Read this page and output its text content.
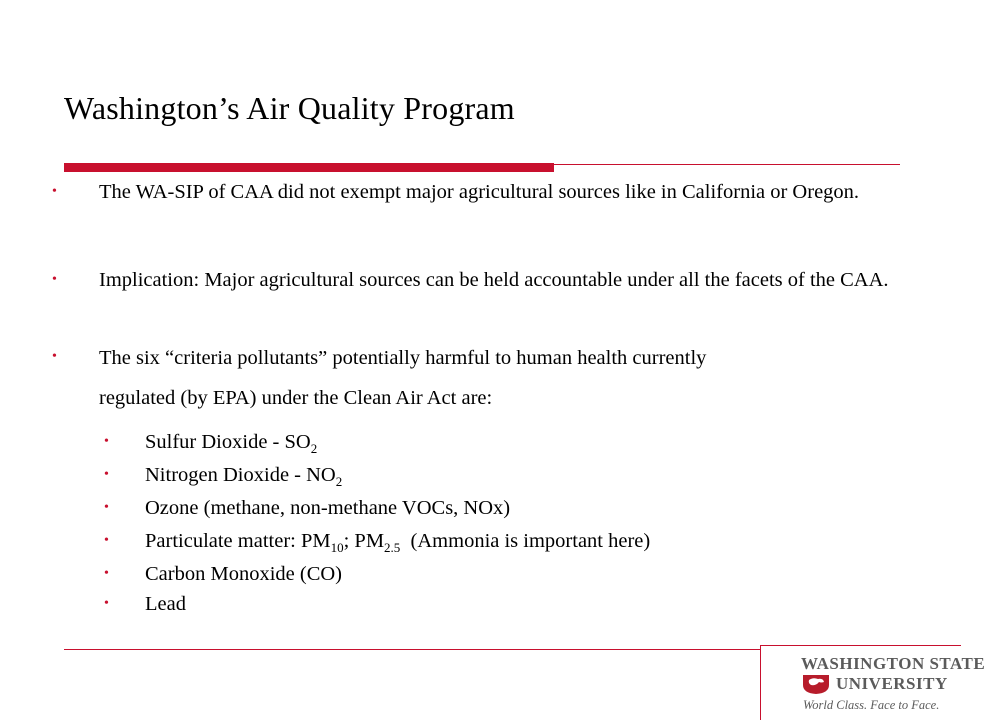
Washington’s Air Quality Program
• The WA-SIP of CAA did not exempt major agricultural sources like in California or Oregon.
• Implication: Major agricultural sources can be held accountable under all the facets of the CAA.
• The six “criteria pollutants” potentially harmful to human health currently
regulated (by EPA) under the Clean Air Act are:
• Sulfur Dioxide - $SO_2$
• Nitrogen Dioxide - $NO_2$
• Ozone (methane, non-methane VOCs, NOx)
• Particulate matter: $PM_{10}$; $PM_{2.5}$  (Ammonia is important here)
• Carbon Monoxide (CO)
• Lead
WASHINGTON STATE
UNIVERSITY
World Class. Face to Face.
